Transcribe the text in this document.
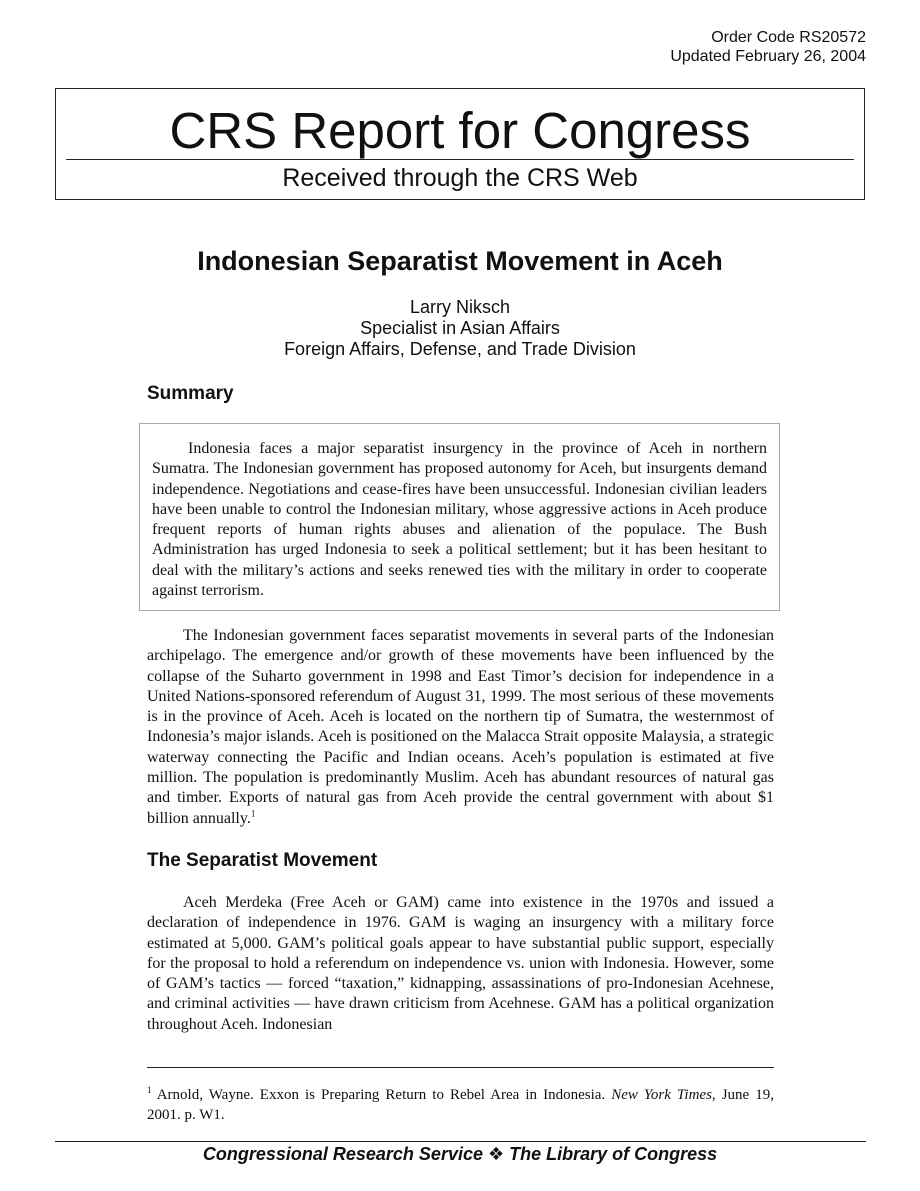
Order Code RS20572
Updated February 26, 2004
CRS Report for Congress
Received through the CRS Web
Indonesian Separatist Movement in Aceh
Larry Niksch
Specialist in Asian Affairs
Foreign Affairs, Defense, and Trade Division
Summary

Indonesia faces a major separatist insurgency in the province of Aceh in northern Sumatra. The Indonesian government has proposed autonomy for Aceh, but insurgents demand independence. Negotiations and cease-fires have been unsuccessful. Indonesian civilian leaders have been unable to control the Indonesian military, whose aggressive actions in Aceh produce frequent reports of human rights abuses and alienation of the populace. The Bush Administration has urged Indonesia to seek a political settlement; but it has been hesitant to deal with the military’s actions and seeks renewed ties with the military in order to cooperate against terrorism.

The Indonesian government faces separatist movements in several parts of the Indonesian archipelago. The emergence and/or growth of these movements have been influenced by the collapse of the Suharto government in 1998 and East Timor’s decision for independence in a United Nations-sponsored referendum of August 31, 1999. The most serious of these movements is in the province of Aceh. Aceh is located on the northern tip of Sumatra, the westernmost of Indonesia’s major islands. Aceh is positioned on the Malacca Strait opposite Malaysia, a strategic waterway connecting the Pacific and Indian oceans. Aceh’s population is estimated at five million. The population is predominantly Muslim. Aceh has abundant resources of natural gas and timber. Exports of natural gas from Aceh provide the central government with about $1 billion annually.$^1$

The Separatist Movement

Aceh Merdeka (Free Aceh or GAM) came into existence in the 1970s and issued a declaration of independence in 1976. GAM is waging an insurgency with a military force estimated at 5,000. GAM’s political goals appear to have substantial public support, especially for the proposal to hold a referendum on independence vs. union with Indonesia. However, some of GAM’s tactics — forced “taxation,” kidnapping, assassinations of pro-Indonesian Acehnese, and criminal activities — have drawn criticism from Acehnese. GAM has a political organization throughout Aceh. Indonesian

$^1$ Arnold, Wayne. Exxon is Preparing Return to Rebel Area in Indonesia. New York Times, June 19, 2001. p. W1.
Congressional Research Service ❖ The Library of Congress
